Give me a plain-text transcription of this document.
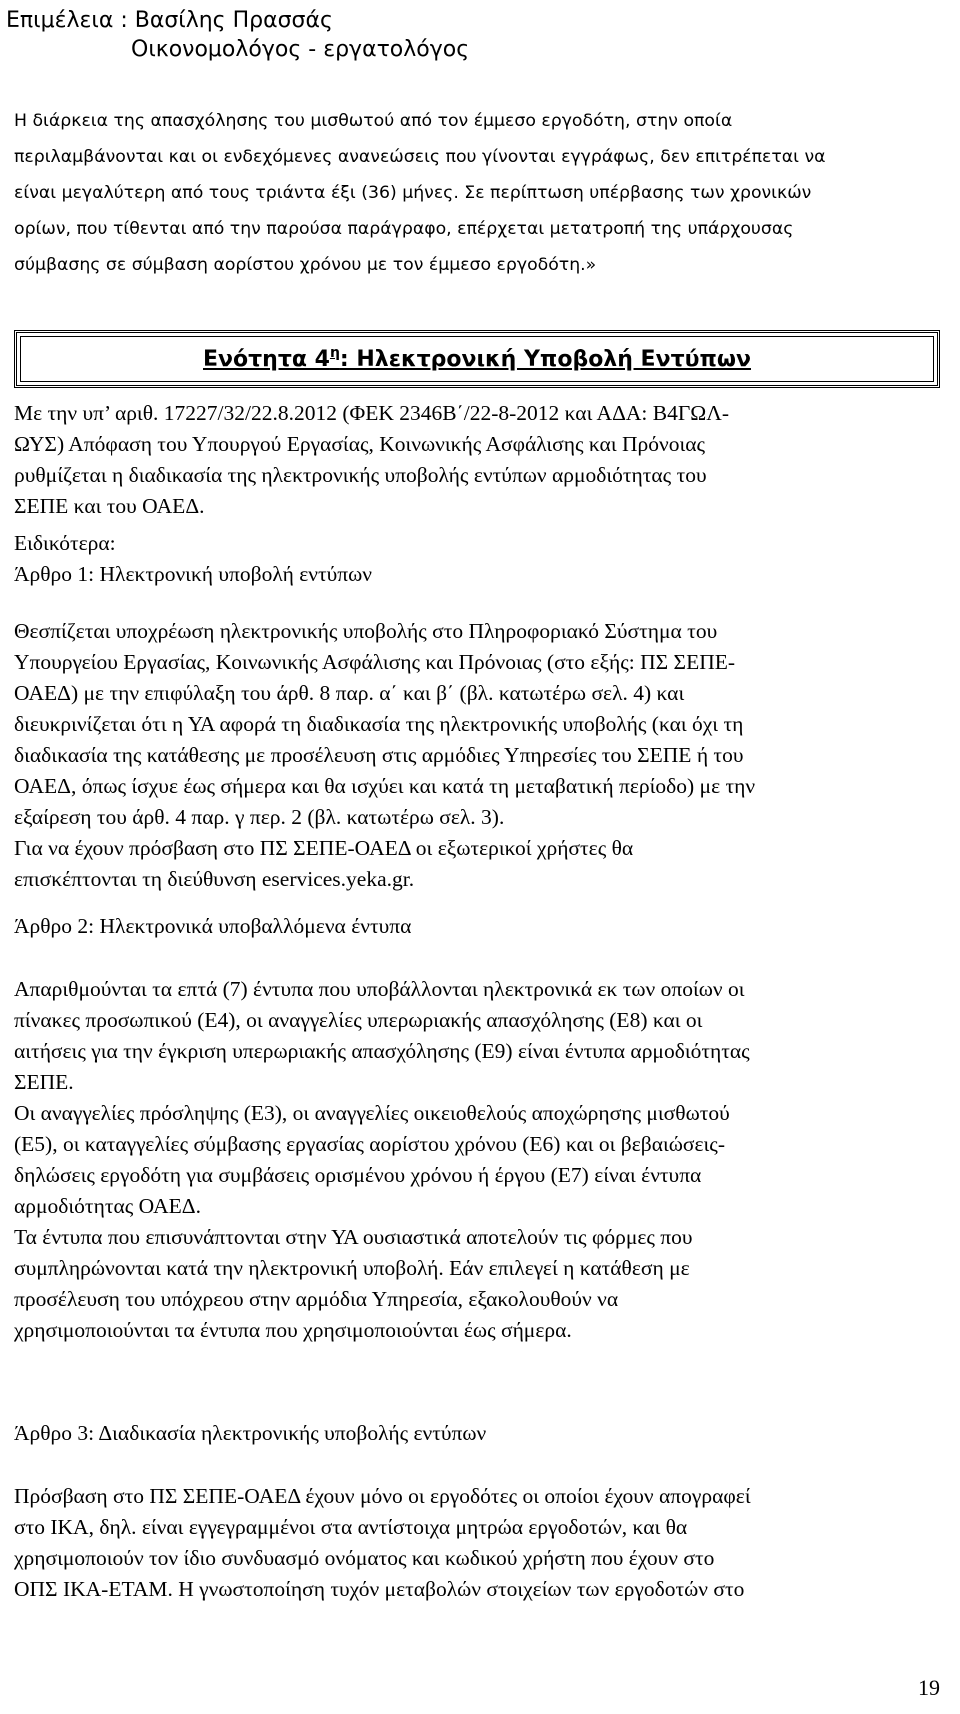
Επιμέλεια : Βασίλης Πρασσάς
Οικονομολόγος - εργατολόγος
Η διάρκεια της απασχόλησης του μισθωτού από τον έμμεσο εργοδότη, στην οποία
περιλαμβάνονται και οι ενδεχόμενες ανανεώσεις που γίνονται εγγράφως, δεν επιτρέπεται να
είναι μεγαλύτερη από τους τριάντα έξι (36) μήνες. Σε περίπτωση υπέρβασης των χρονικών
ορίων, που τίθενται από την παρούσα παράγραφο, επέρχεται μετατροπή της υπάρχουσας
σύμβασης σε σύμβαση αορίστου χρόνου με τον έμμεσο εργοδότη.»
Ενότητα $4^\eta$: Ηλεκτρονική Υποβολή Εντύπων
Με την υπ’ αριθ. 17227/32/22.8.2012 (ΦΕΚ 2346Β΄/22-8-2012 και ΑΔΑ: Β4ΓΩΛ-
ΩΥΣ) Απόφαση του Υπουργού Εργασίας, Κοινωνικής Ασφάλισης και Πρόνοιας
ρυθμίζεται η διαδικασία της ηλεκτρονικής υποβολής εντύπων αρμοδιότητας του
ΣΕΠΕ και του ΟΑΕΔ.
Ειδικότερα:
Άρθρο 1: Ηλεκτρονική υποβολή εντύπων
Θεσπίζεται υποχρέωση ηλεκτρονικής υποβολής στο Πληροφοριακό Σύστημα του
Υπουργείου Εργασίας, Κοινωνικής Ασφάλισης και Πρόνοιας (στο εξής: ΠΣ ΣΕΠΕ-
ΟΑΕΔ) με την επιφύλαξη του άρθ. 8 παρ. α΄ και β΄ (βλ. κατωτέρω σελ. 4) και
διευκρινίζεται ότι η ΥΑ αφορά τη διαδικασία της ηλεκτρονικής υποβολής (και όχι τη
διαδικασία της κατάθεσης με προσέλευση στις αρμόδιες Υπηρεσίες του ΣΕΠΕ ή του
ΟΑΕΔ, όπως ίσχυε έως σήμερα και θα ισχύει και κατά τη μεταβατική περίοδο) με την
εξαίρεση του άρθ. 4 παρ. γ περ. 2 (βλ. κατωτέρω σελ. 3).
Για να έχουν πρόσβαση στο ΠΣ ΣΕΠΕ-ΟΑΕΔ οι εξωτερικοί χρήστες θα
επισκέπτονται τη διεύθυνση eservices.yeka.gr.
Άρθρο 2: Ηλεκτρονικά υποβαλλόμενα έντυπα
Απαριθμούνται τα επτά (7) έντυπα που υποβάλλονται ηλεκτρονικά εκ των οποίων οι
πίνακες προσωπικού (Ε4), οι αναγγελίες υπερωριακής απασχόλησης (Ε8) και οι
αιτήσεις για την έγκριση υπερωριακής απασχόλησης (Ε9) είναι έντυπα αρμοδιότητας
ΣΕΠΕ.
Οι αναγγελίες πρόσληψης (Ε3), οι αναγγελίες οικειοθελούς αποχώρησης μισθωτού
(Ε5), οι καταγγελίες σύμβασης εργασίας αορίστου χρόνου (Ε6) και οι βεβαιώσεις-
δηλώσεις εργοδότη για συμβάσεις ορισμένου χρόνου ή έργου (Ε7) είναι έντυπα
αρμοδιότητας ΟΑΕΔ.
Τα έντυπα που επισυνάπτονται στην ΥΑ ουσιαστικά αποτελούν τις φόρμες που
συμπληρώνονται κατά την ηλεκτρονική υποβολή. Εάν επιλεγεί η κατάθεση με
προσέλευση του υπόχρεου στην αρμόδια Υπηρεσία, εξακολουθούν να
χρησιμοποιούνται τα έντυπα που χρησιμοποιούνται έως σήμερα.
Άρθρο 3: Διαδικασία ηλεκτρονικής υποβολής εντύπων
Πρόσβαση στο ΠΣ ΣΕΠΕ-ΟΑΕΔ έχουν μόνο οι εργοδότες οι οποίοι έχουν απογραφεί
στο ΙΚΑ, δηλ. είναι εγγεγραμμένοι στα αντίστοιχα μητρώα εργοδοτών, και θα
χρησιμοποιούν τον ίδιο συνδυασμό ονόματος και κωδικού χρήστη που έχουν στο
ΟΠΣ ΙΚΑ-ΕΤΑΜ. Η γνωστοποίηση τυχόν μεταβολών στοιχείων των εργοδοτών στο
19
